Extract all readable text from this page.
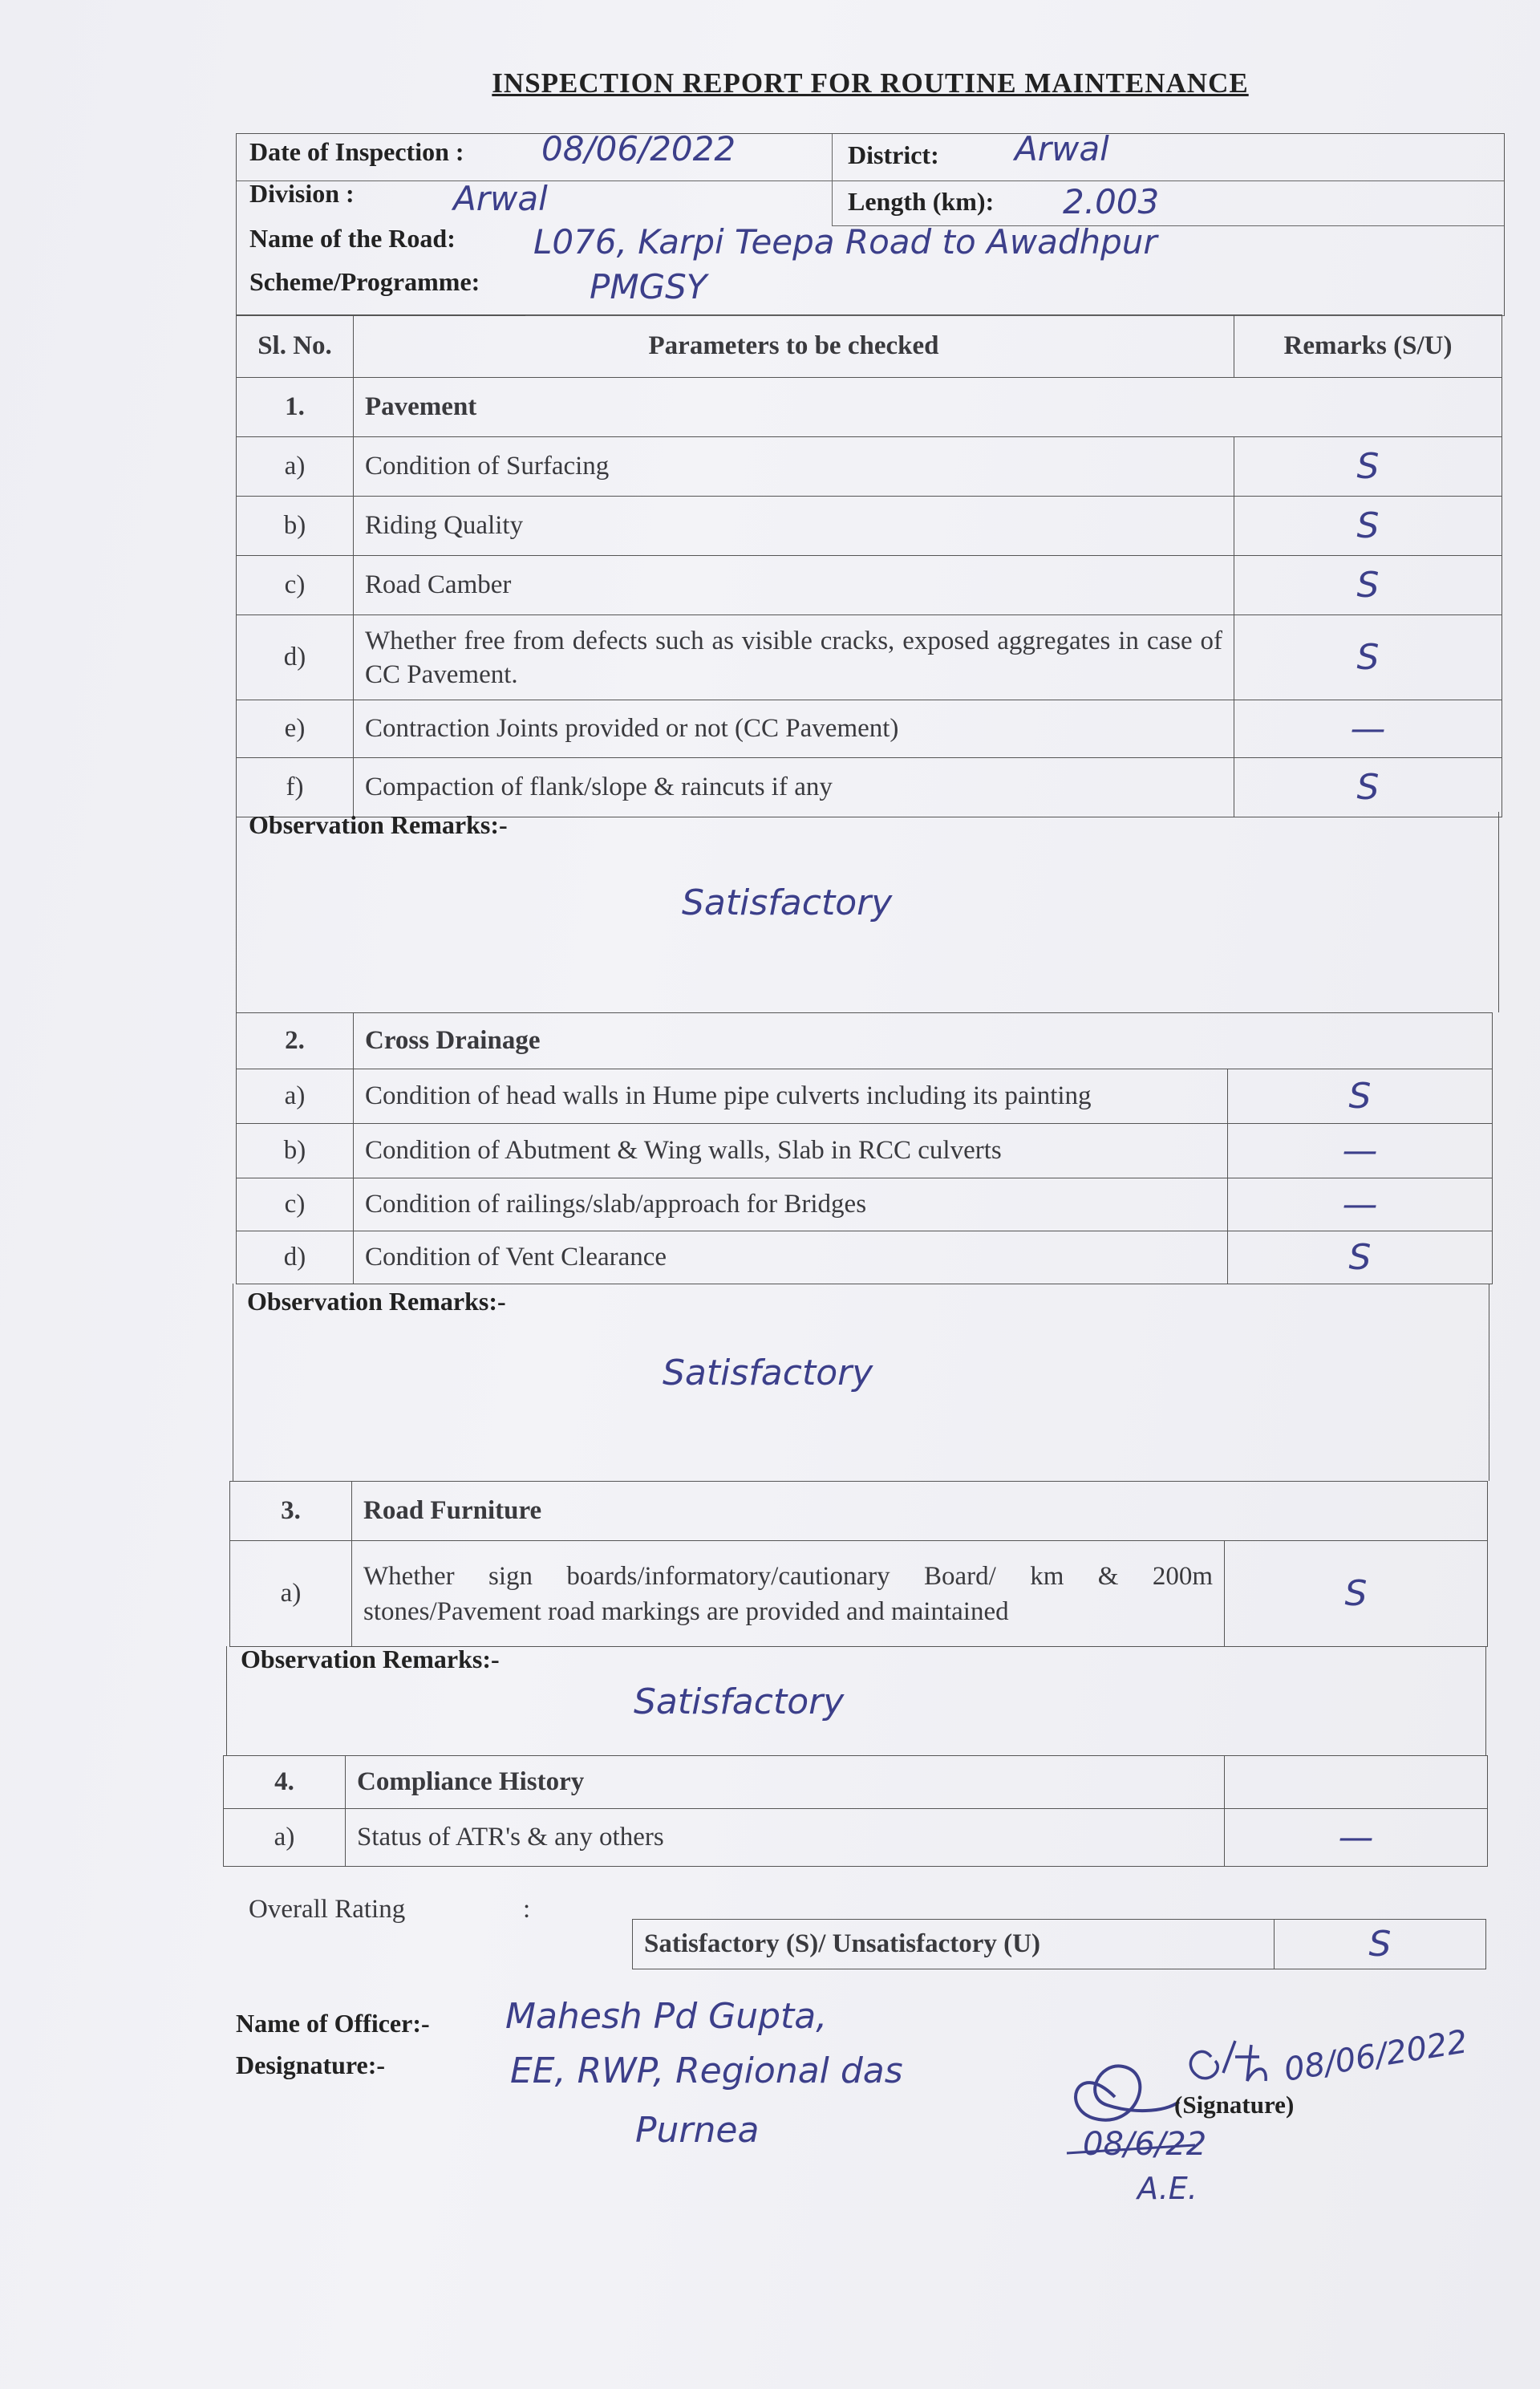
INSPECTION REPORT FOR ROUTINE MAINTENANCE
Date of Inspection : 08/06/2022	District: Arwal
Division :	Arwal	Length (km): 2.003
Name of the Road: L076, Karpi Teepa Road to Awadhpur
Scheme/Programme:	PMGSY
Sl. No.	Parameters to be checked	Remarks (S/U)
1.	Pavement	
a)	Condition of Surfacing	S
b)	Riding Quality	S
c)	Road Camber	S
d)	Whether free from defects such as visible cracks, exposed aggregates in case of CC Pavement.	S
e)	Contraction Joints provided or not (CC Pavement)	—
f)	Compaction of flank/slope & raincuts if any	S
Observation Remarks:-
Satisfactory
2.	Cross Drainage	
a)	Condition of head walls in Hume pipe culverts including its painting	S
b)	Condition of Abutment & Wing walls, Slab in RCC culverts	—
c)	Condition of railings/slab/approach for Bridges	—
d)	Condition of Vent Clearance	S
Observation Remarks:-
Satisfactory
3.	Road Furniture	
a)	Whether sign boards/informatory/cautionary Board/ km & 200m stones/Pavement road markings are provided and maintained	S
Observation Remarks:-
Satisfactory
4.	Compliance History	
a)	Status of ATR's & any others	—
Overall Rating	:
Satisfactory (S)/ Unsatisfactory (U)	S
Name of Officer:- Mahesh Pd Gupta,
Designature:-	EE, RWP, Regional das
Purnea
(Signature)
08/06/2022
08/6/22
A.E.
